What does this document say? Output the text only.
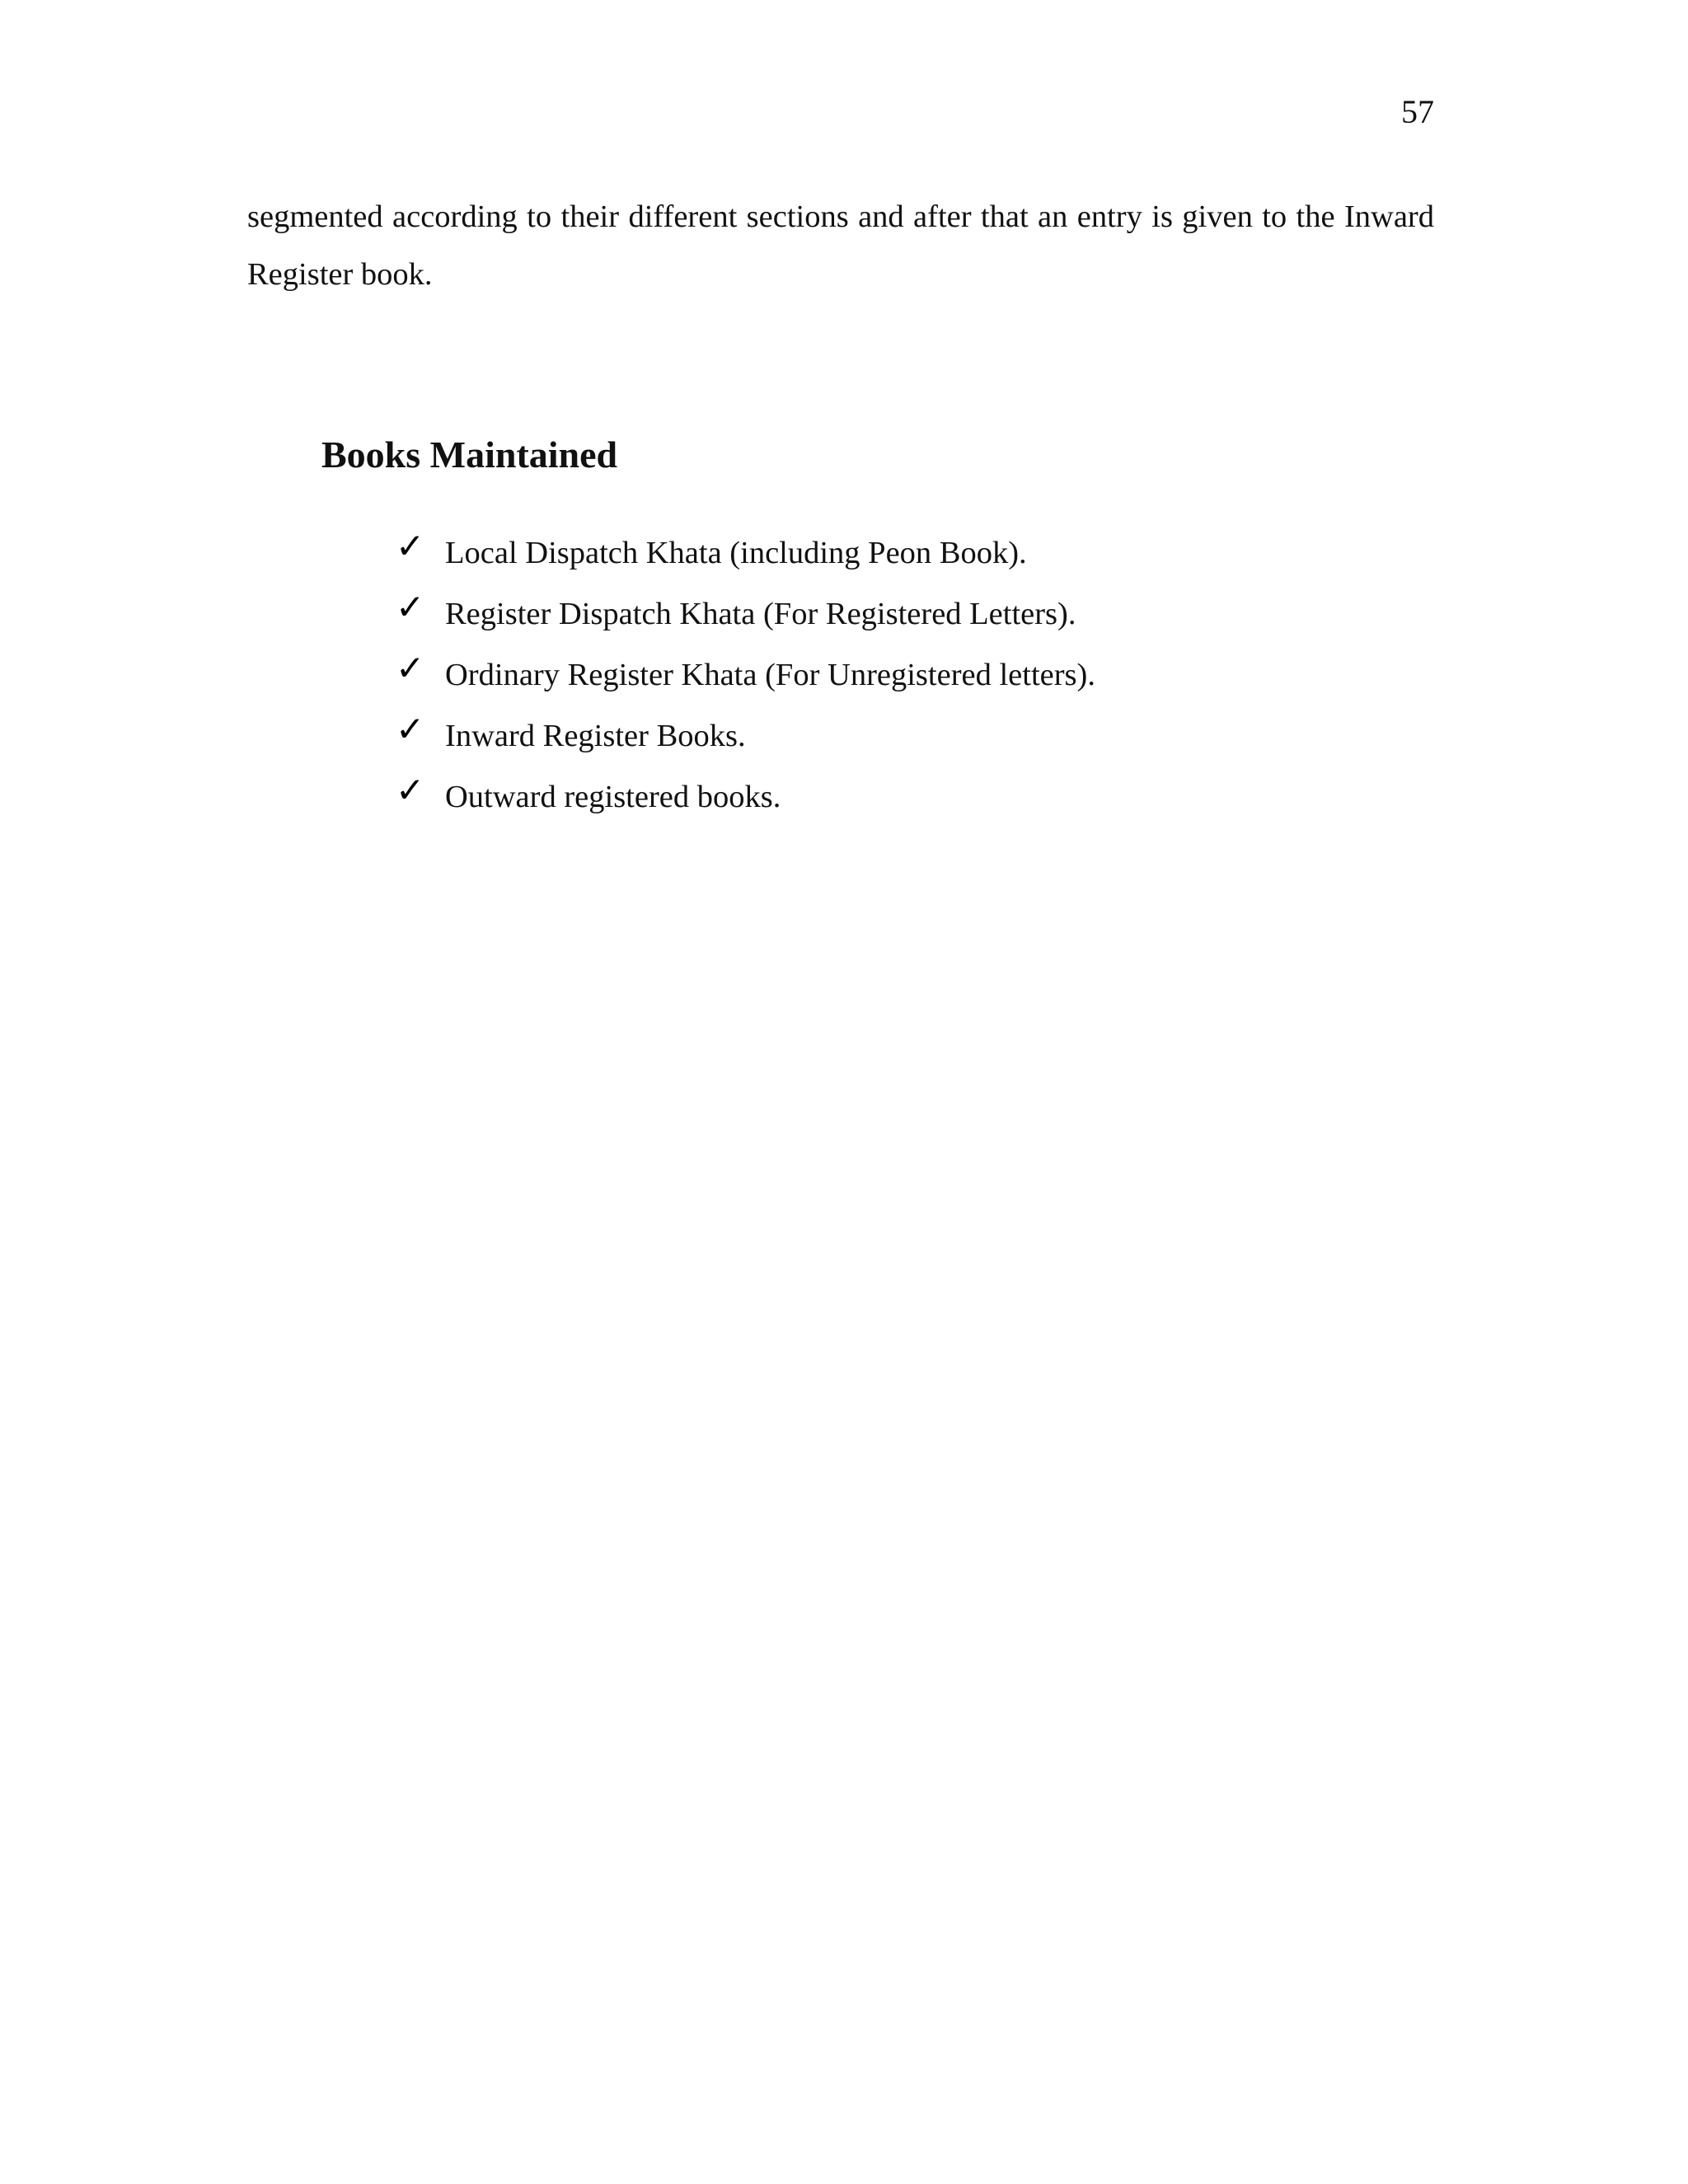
57

segmented according to their different sections and after that an entry is given to the Inward Register book.

Books Maintained
✓ Local Dispatch Khata (including Peon Book).
✓ Register Dispatch Khata (For Registered Letters).
✓ Ordinary Register Khata (For Unregistered letters).
✓ Inward Register Books.
✓ Outward registered books.
